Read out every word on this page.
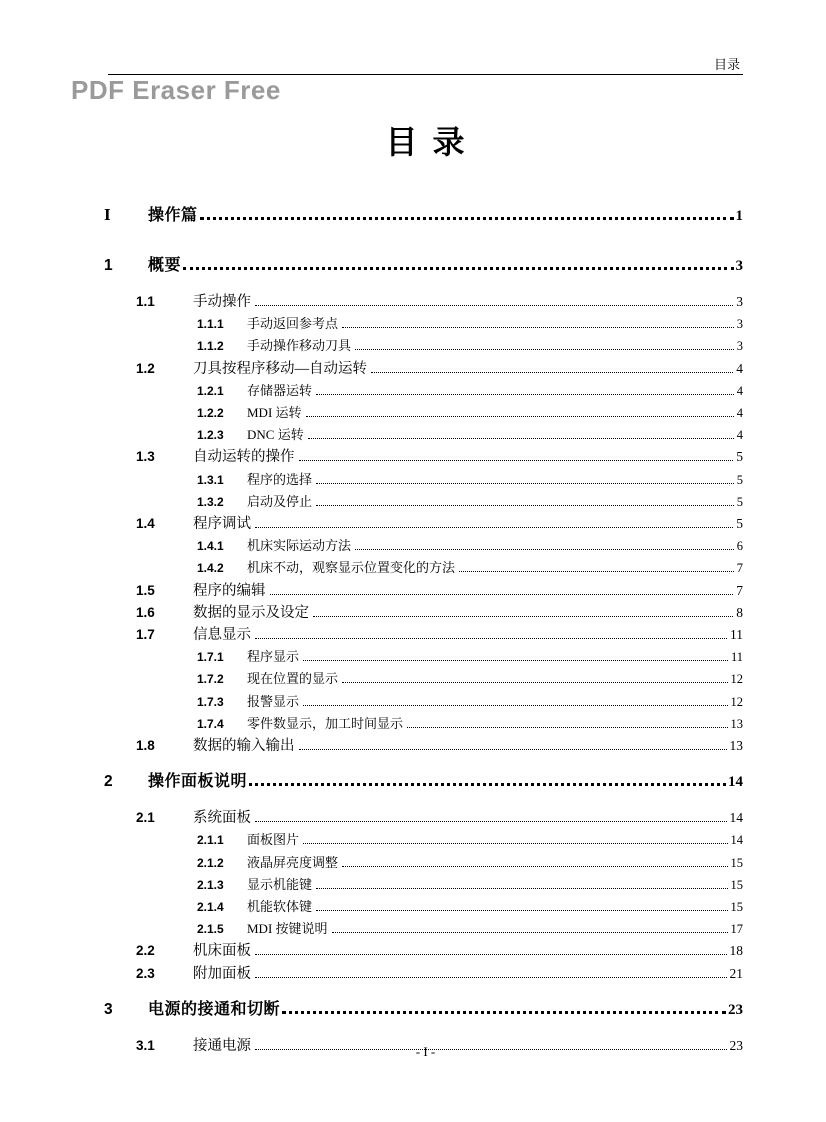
目录
PDF Eraser Free
目 录
I	操作篇	1
1	概要	3
1.1	手动操作	3
1.1.1	手动返回参考点	3
1.1.2	手动操作移动刀具	3
1.2	刀具按程序移动—自动运转	4
1.2.1	存储器运转	4
1.2.2	MDI 运转	4
1.2.3	DNC 运转	4
1.3	自动运转的操作	5
1.3.1	程序的选择	5
1.3.2	启动及停止	5
1.4	程序调试	5
1.4.1	机床实际运动方法	6
1.4.2	机床不动，观察显示位置变化的方法	7
1.5	程序的编辑	7
1.6	数据的显示及设定	8
1.7	信息显示	11
1.7.1	程序显示	11
1.7.2	现在位置的显示	12
1.7.3	报警显示	12
1.7.4	零件数显示，加工时间显示	13
1.8	数据的输入输出	13
2	操作面板说明	14
2.1	系统面板	14
2.1.1	面板图片	14
2.1.2	液晶屏亮度调整	15
2.1.3	显示机能键	15
2.1.4	机能软体键	15
2.1.5	MDI 按键说明	17
2.2	机床面板	18
2.3	附加面板	21
3	电源的接通和切断	23
3.1	接通电源	23
- I -
